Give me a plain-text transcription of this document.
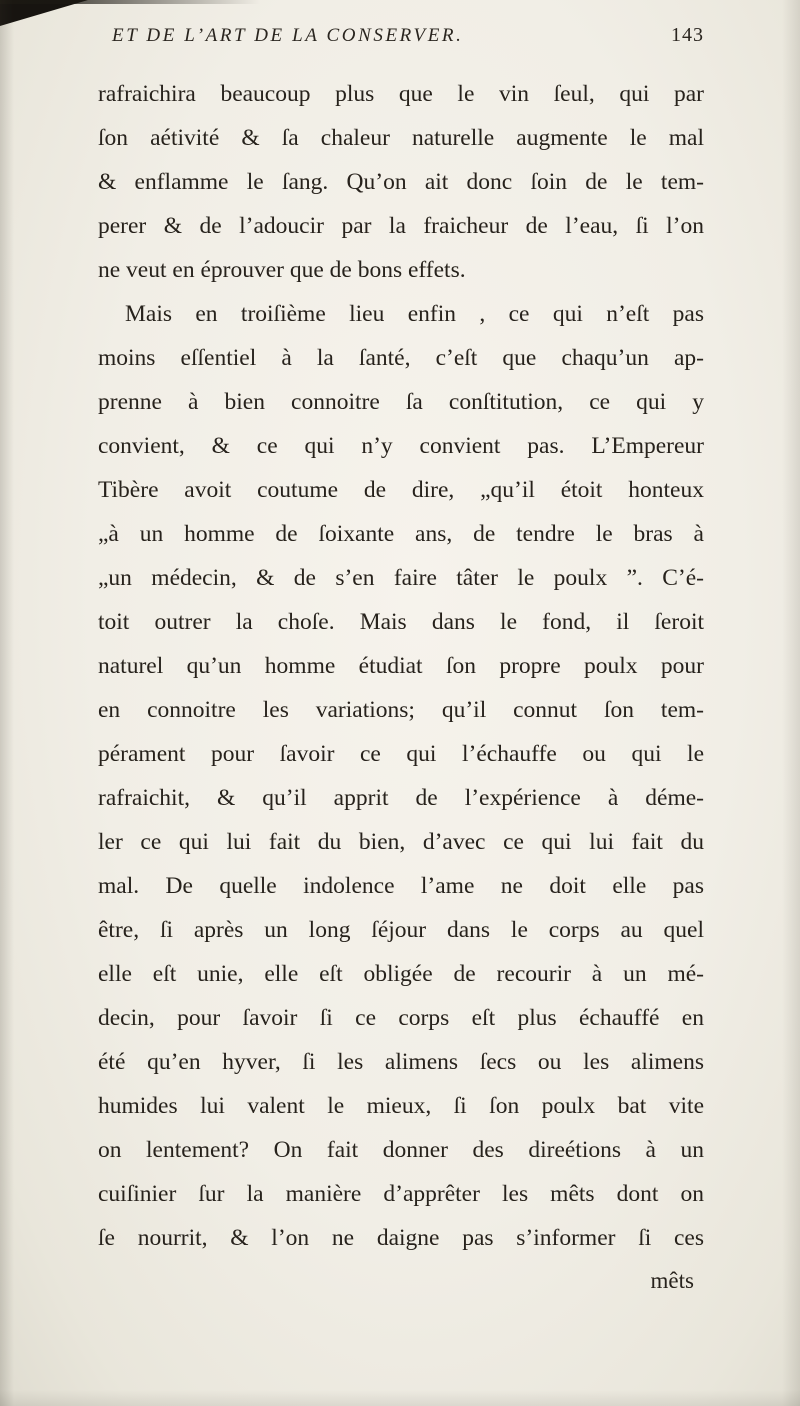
ET DE L’ART DE LA CONSERVER.	143
rafraichira beaucoup plus que le vin ſeul, qui par
ſon aétivité & ſa chaleur naturelle augmente le mal
& enflamme le ſang. Qu’on ait donc ſoin de le tem-
perer & de l’adoucir par la fraicheur de l’eau, ſi l’on
ne veut en éprouver que de bons effets.
Mais en troiſième lieu enfin , ce qui n’eſt pas
moins eſſentiel à la ſanté, c’eſt que chaqu’un ap-
prenne à bien connoitre ſa conſtitution, ce qui y
convient, & ce qui n’y convient pas. L’Empereur
Tibère avoit coutume de dire, „qu’il étoit honteux
„à un homme de ſoixante ans, de tendre le bras à
„un médecin, & de s’en faire tâter le poulx ”. C’é-
toit outrer la choſe. Mais dans le fond, il ſeroit
naturel qu’un homme étudiat ſon propre poulx pour
en connoitre les variations; qu’il connut ſon tem-
pérament pour ſavoir ce qui l’échauffe ou qui le
rafraichit, & qu’il apprit de l’expérience à déme-
ler ce qui lui fait du bien, d’avec ce qui lui fait du
mal. De quelle indolence l’ame ne doit elle pas
être, ſi après un long ſéjour dans le corps au quel
elle eſt unie, elle eſt obligée de recourir à un mé-
decin, pour ſavoir ſi ce corps eſt plus échauffé en
été qu’en hyver, ſi les alimens ſecs ou les alimens
humides lui valent le mieux, ſi ſon poulx bat vite
on lentement? On fait donner des direétions à un
cuiſinier ſur la manière d’apprêter les mêts dont on
ſe nourrit, & l’on ne daigne pas s’informer ſi ces
mêts
